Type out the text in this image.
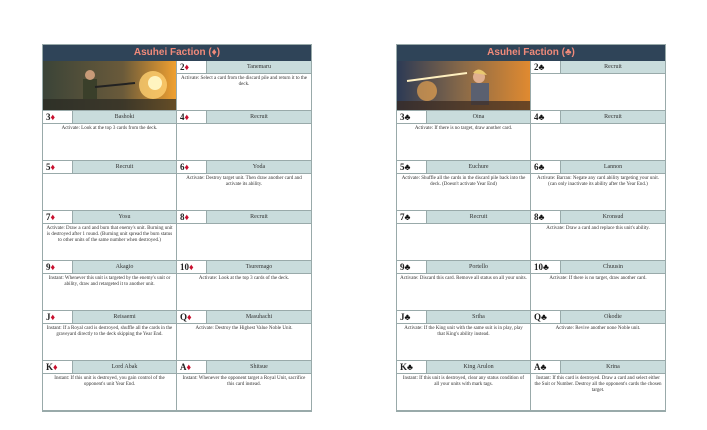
Asuhei Faction (♦)
2♦	Tanemaru
Activate: Select a card from the discard pile and return it to the deck.
3♦	Bashoki
Activate: Look at the top 3 cards from the deck.
4♦	Recruit
5♦	Recruit	6♦	Yoda
Activate: Destroy target unit. Then draw another card and activate its ability.
7♦	Yosu
Activate: Draw a card and burn that enemy's unit. Burning unit is destroyed after 1 round. (Burning unit spread the burn status to other units of the same number when destroyed.)
8♦	Recruit
9♦	Akagio
Instant: Whenever this unit is targeted by the enemy's unit or ability, draw and retargeted it to another unit.
10♦	Tsuremago
Activate: Look at the top 3 cards of the deck.
J♦	Reisaemi
Instant: If a Royal card is destroyed, shuffle all the cards in the graveyard directly to the deck skipping the Year End.
Q♦	Masuhachi
Activate: Destroy the Highest Value Noble Unit.
K♦	Lord Abak
Instant: If this unit is destroyed, you gain control of the opponent's unit Year End.
A♦	Shitsue
Instant: Whenever the opponent target a Royal Unit, sacrifice this card instead.
Asuhei Faction (♣)
2♣	Recruit
3♣	Oina
Activate: If there is no target, draw another card.
4♣	Recruit
5♣	Euchure
Activate: Shuffle all the cards in the discard pile back into the deck. (Doesn't activate Year End)
6♣	Lannon
Activate: Barran: Negate any card ability targeting your unit. (can only inactivate its ability after the Year End.)
7♣	Recruit	8♣	Kronsud
Activate: Draw a card and replace this unit's ability.
9♣	Portello
Activate: Discard this card. Remove all status on all your units.
10♣	Chuusin
Activate: If there is no target, draw another card.
J♣	Sriha
Activate: If the King unit with the same suit is in play, play that King's ability instead.
Q♣	Okodie
Activate: Revive another none Noble unit.
K♣	King Arulon
Instant: If this unit is destroyed, clear any status condition of all your units with mark tags.
A♣	Krina
Instant: If this card is destroyed. Draw a card and select either the Suit or Number. Destroy all the opponent's cards the chosen target.
